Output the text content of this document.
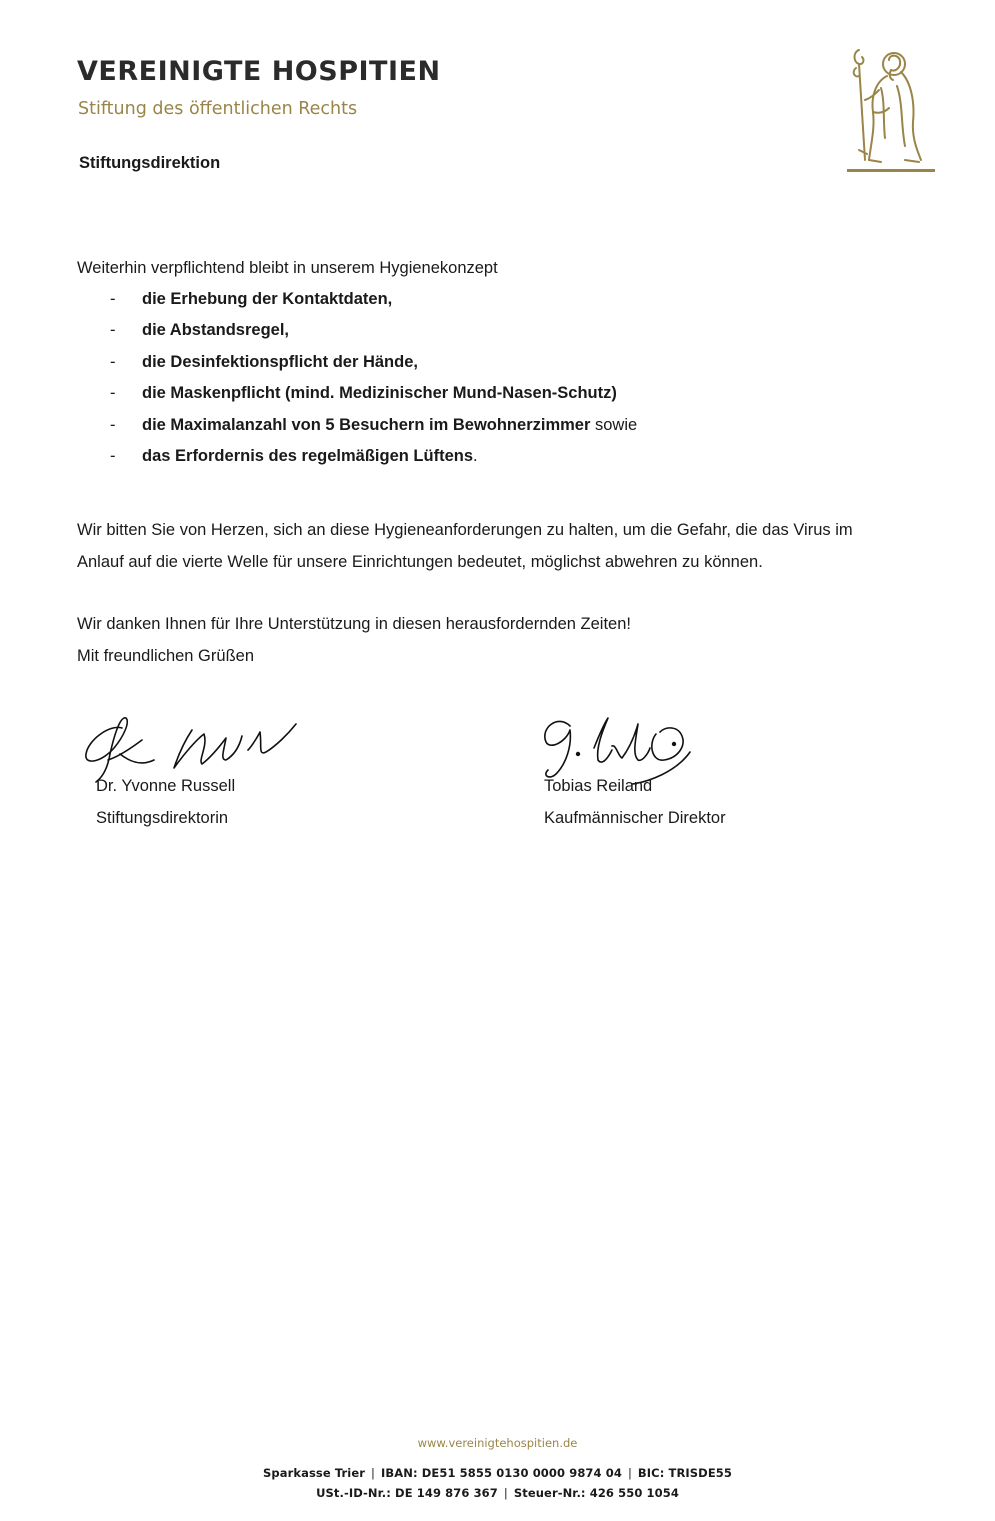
VEREINIGTE HOSPITIEN
Stiftung des öffentlichen Rechts
Stiftungsdirektion
Weiterhin verpflichtend bleibt in unserem Hygienekonzept
- die Erhebung der Kontaktdaten,
- die Abstandsregel,
- die Desinfektionspflicht der Hände,
- die Maskenpflicht (mind. Medizinischer Mund-Nasen-Schutz)
- die Maximalanzahl von 5 Besuchern im Bewohnerzimmer sowie
- das Erfordernis des regelmäßigen Lüftens.
Wir bitten Sie von Herzen, sich an diese Hygieneanforderungen zu halten, um die Gefahr, die das Virus im
Anlauf auf die vierte Welle für unsere Einrichtungen bedeutet, möglichst abwehren zu können.
Wir danken Ihnen für Ihre Unterstützung in diesen herausfordernden Zeiten!
Mit freundlichen Grüßen
Dr. Yvonne Russell
Stiftungsdirektorin
Tobias Reiland
Kaufmännischer Direktor
www.vereinigtehospitien.de
Sparkasse Trier | IBAN: DE51 5855 0130 0000 9874 04 | BIC: TRISDE55
USt.-ID-Nr.: DE 149 876 367 | Steuer-Nr.: 426 550 1054
